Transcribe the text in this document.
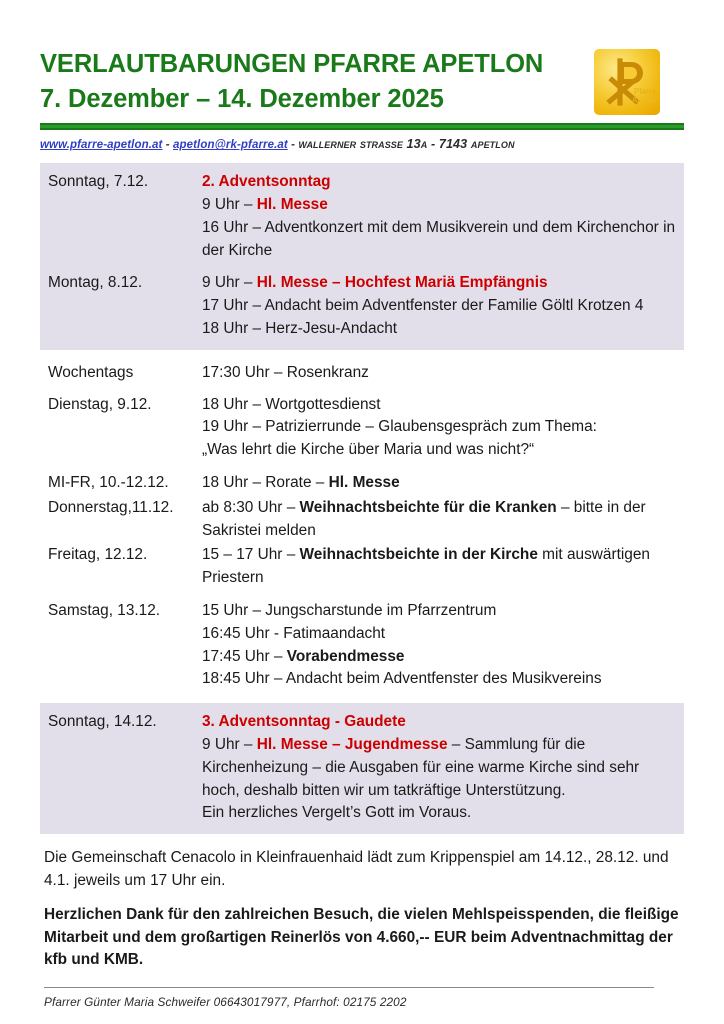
VERLAUTBARUNGEN PFARRE APETLON
7. Dezember – 14. Dezember 2025	Pfarre
Apetlon
www.pfarre-apetlon.at - apetlon@rk-pfarre.at - wallerner straße 13a - 7143 apetlon
Sonntag, 7.12.	2. Adventsonntag

9 Uhr – Hl. Messe

16 Uhr – Adventkonzert mit dem Musikverein und dem Kirchenchor in der Kirche

Montag, 8.12.	9 Uhr – Hl. Messe – Hochfest Mariä Empfängnis

17 Uhr – Andacht beim Adventfenster der Familie Göltl Krotzen 4

18 Uhr – Herz-Jesu-Andacht

Wochentags	17:30 Uhr – Rosenkranz

Dienstag, 9.12.	18 Uhr – Wortgottesdienst

19 Uhr – Patrizierrunde – Glaubensgespräch zum Thema:

„Was lehrt die Kirche über Maria und was nicht?“

MI-FR, 10.-12.12.	18 Uhr – Rorate – Hl. Messe

Donnerstag,11.12.	ab 8:30 Uhr – Weihnachtsbeichte für die Kranken – bitte in der Sakristei melden

Freitag, 12.12.	15 – 17 Uhr – Weihnachtsbeichte in der Kirche mit auswärtigen Priestern

Samstag, 13.12.	15 Uhr – Jungscharstunde im Pfarrzentrum

16:45 Uhr - Fatimaandacht

17:45 Uhr – Vorabendmesse

18:45 Uhr – Andacht beim Adventfenster des Musikvereins

Sonntag, 14.12.	3. Adventsonntag - Gaudete

9 Uhr – Hl. Messe – Jugendmesse – Sammlung für die Kirchenheizung – die Ausgaben für eine warme Kirche sind sehr hoch, deshalb bitten wir um tatkräftige Unterstützung.

Ein herzliches Vergelt’s Gott im Voraus.

Die Gemeinschaft Cenacolo in Kleinfrauenhaid lädt zum Krippenspiel am 14.12., 28.12. und 4.1. jeweils um 17 Uhr ein.

Herzlichen Dank für den zahlreichen Besuch, die vielen Mehlspeisspenden, die fleißige Mitarbeit und dem großartigen Reinerlös von 4.660,-- EUR beim Adventnachmittag der kfb und KMB.

Pfarrer Günter Maria Schweifer 06643017977, Pfarrhof: 02175 2202
